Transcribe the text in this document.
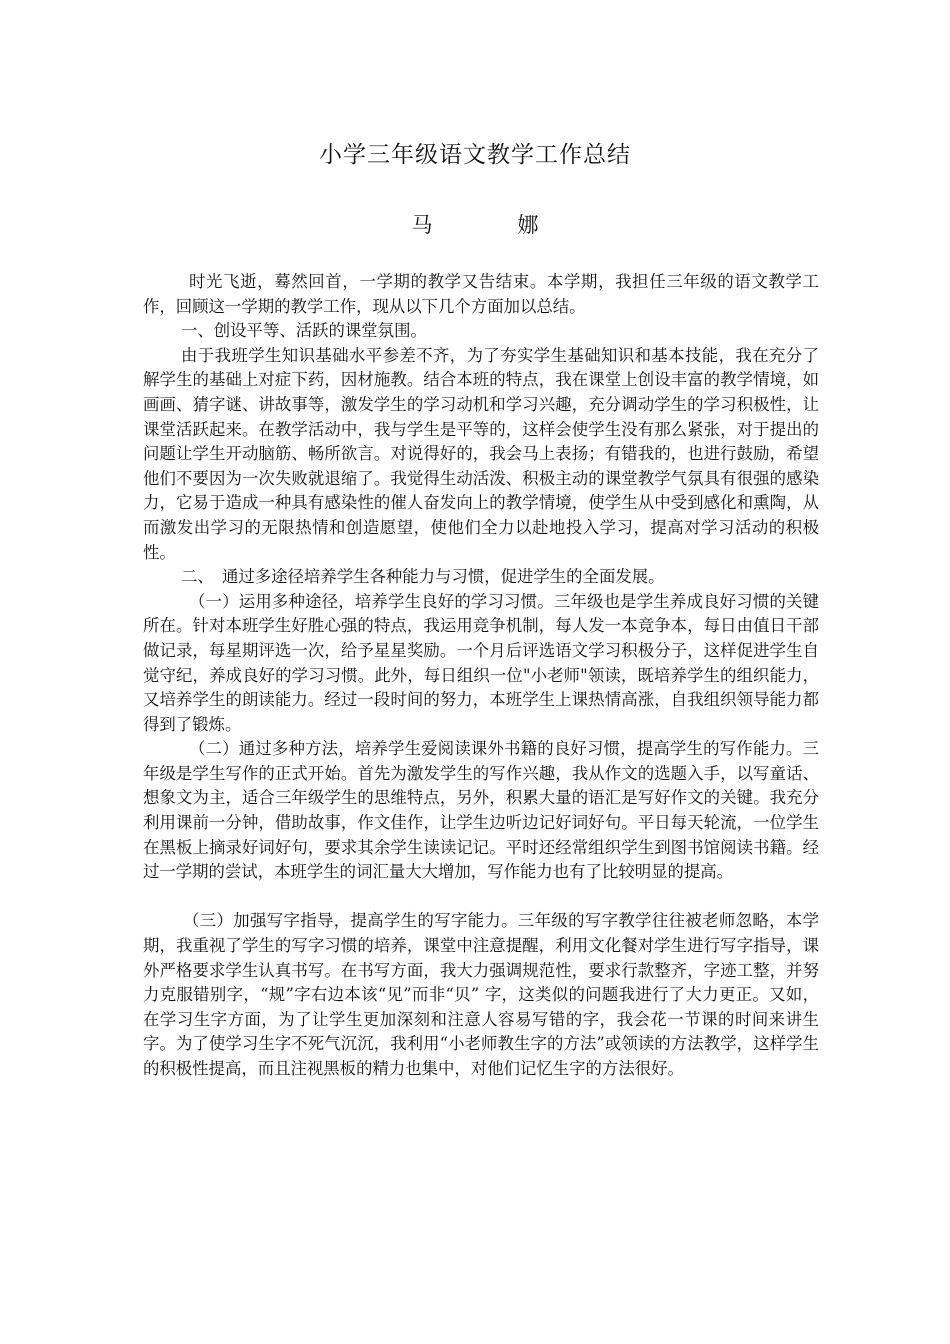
小学三年级语文教学工作总结
马　娜

时光飞逝，蓦然回首，一学期的教学又告结束。本学期，我担任三年级的语文教学工作，回顾这一学期的教学工作，现从以下几个方面加以总结。

一、创设平等、活跃的课堂氛围。

由于我班学生知识基础水平参差不齐，为了夯实学生基础知识和基本技能，我在充分了解学生的基础上对症下药，因材施教。结合本班的特点，我在课堂上创设丰富的教学情境，如画画、猜字谜、讲故事等，激发学生的学习动机和学习兴趣，充分调动学生的学习积极性，让课堂活跃起来。在教学活动中，我与学生是平等的，这样会使学生没有那么紧张，对于提出的问题让学生开动脑筋、畅所欲言。对说得好的，我会马上表扬；有错我的，也进行鼓励，希望他们不要因为一次失败就退缩了。我觉得生动活泼、积极主动的课堂教学气氛具有很强的感染力，它易于造成一种具有感染性的催人奋发向上的教学情境，使学生从中受到感化和熏陶，从而激发出学习的无限热情和创造愿望，使他们全力以赴地投入学习，提高对学习活动的积极性。

二、　通过多途径培养学生各种能力与习惯，促进学生的全面发展。

（一）运用多种途径，培养学生良好的学习习惯。三年级也是学生养成良好习惯的关键所在。针对本班学生好胜心强的特点，我运用竞争机制，每人发一本竞争本，每日由值日干部做记录，每星期评选一次，给予星星奖励。一个月后评选语文学习积极分子，这样促进学生自觉守纪，养成良好的学习习惯。此外，每日组织一位"小老师"领读，既培养学生的组织能力，又培养学生的朗读能力。经过一段时间的努力，本班学生上课热情高涨，自我组织领导能力都得到了锻炼。

（二）通过多种方法，培养学生爱阅读课外书籍的良好习惯，提高学生的写作能力。三年级是学生写作的正式开始。首先为激发学生的写作兴趣，我从作文的选题入手，以写童话、想象文为主，适合三年级学生的思维特点，另外，积累大量的语汇是写好作文的关键。我充分利用课前一分钟，借助故事，作文佳作，让学生边听边记好词好句。平日每天轮流，一位学生在黑板上摘录好词好句，要求其余学生读读记记。平时还经常组织学生到图书馆阅读书籍。经过一学期的尝试，本班学生的词汇量大大增加，写作能力也有了比较明显的提高。

（三）加强写字指导，提高学生的写字能力。三年级的写字教学往往被老师忽略，本学期，我重视了学生的写字习惯的培养，课堂中注意提醒，利用文化餐对学生进行写字指导，课外严格要求学生认真书写。在书写方面，我大力强调规范性，要求行款整齐，字迹工整，并努力克服错别字，“规”字右边本该“见”而非“贝” 字，这类似的问题我进行了大力更正。又如，在学习生字方面，为了让学生更加深刻和注意人容易写错的字，我会花一节课的时间来讲生字。为了使学习生字不死气沉沉，我利用“小老师教生字的方法”或领读的方法教学，这样学生的积极性提高，而且注视黑板的精力也集中，对他们记忆生字的方法很好。
